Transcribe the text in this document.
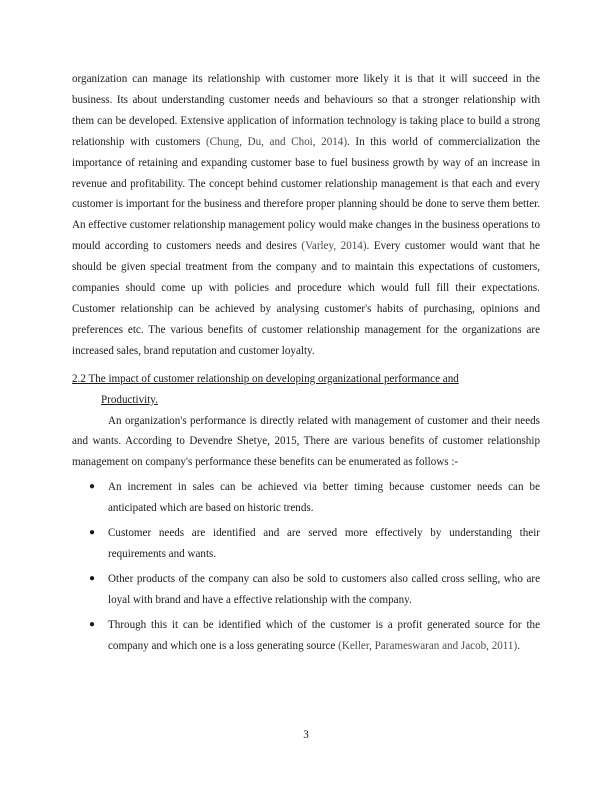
organization can manage its relationship with customer more likely it is that it will succeed in the business. Its about understanding customer needs and behaviours so that a stronger relationship with them can be developed. Extensive application of information technology is taking place to build a strong relationship with customers (Chung, Du, and Choi, 2014). In this world of commercialization the importance of retaining and expanding customer base to fuel business growth by way of an increase in revenue and profitability. The concept behind customer relationship management is that each and every customer is important for the business and therefore proper planning should be done to serve them better. An effective customer relationship management policy would make changes in the business operations to mould according to customers needs and desires (Varley, 2014). Every customer would want that he should be given special treatment from the company and to maintain this expectations of customers, companies should come up with policies and procedure which would full fill their expectations. Customer relationship can be achieved by analysing customer's habits of purchasing, opinions and preferences etc. The various benefits of customer relationship management for the organizations are increased sales, brand reputation and customer loyalty.

2.2 The impact of customer relationship on developing organizational performance and
Productivity.

An organization's performance is directly related with management of customer and their needs and wants. According to Devendre Shetye, 2015, There are various benefits of customer relationship management on company's performance these benefits can be enumerated as follows :-

● An increment in sales can be achieved via better timing because customer needs can be anticipated which are based on historic trends.
● Customer needs are identified and are served more effectively by understanding their requirements and wants.
● Other products of the company can also be sold to customers also called cross selling, who are loyal with brand and have a effective relationship with the company.
● Through this it can be identified which of the customer is a profit generated source for the company and which one is a loss generating source (Keller, Parameswaran and Jacob, 2011).
3
